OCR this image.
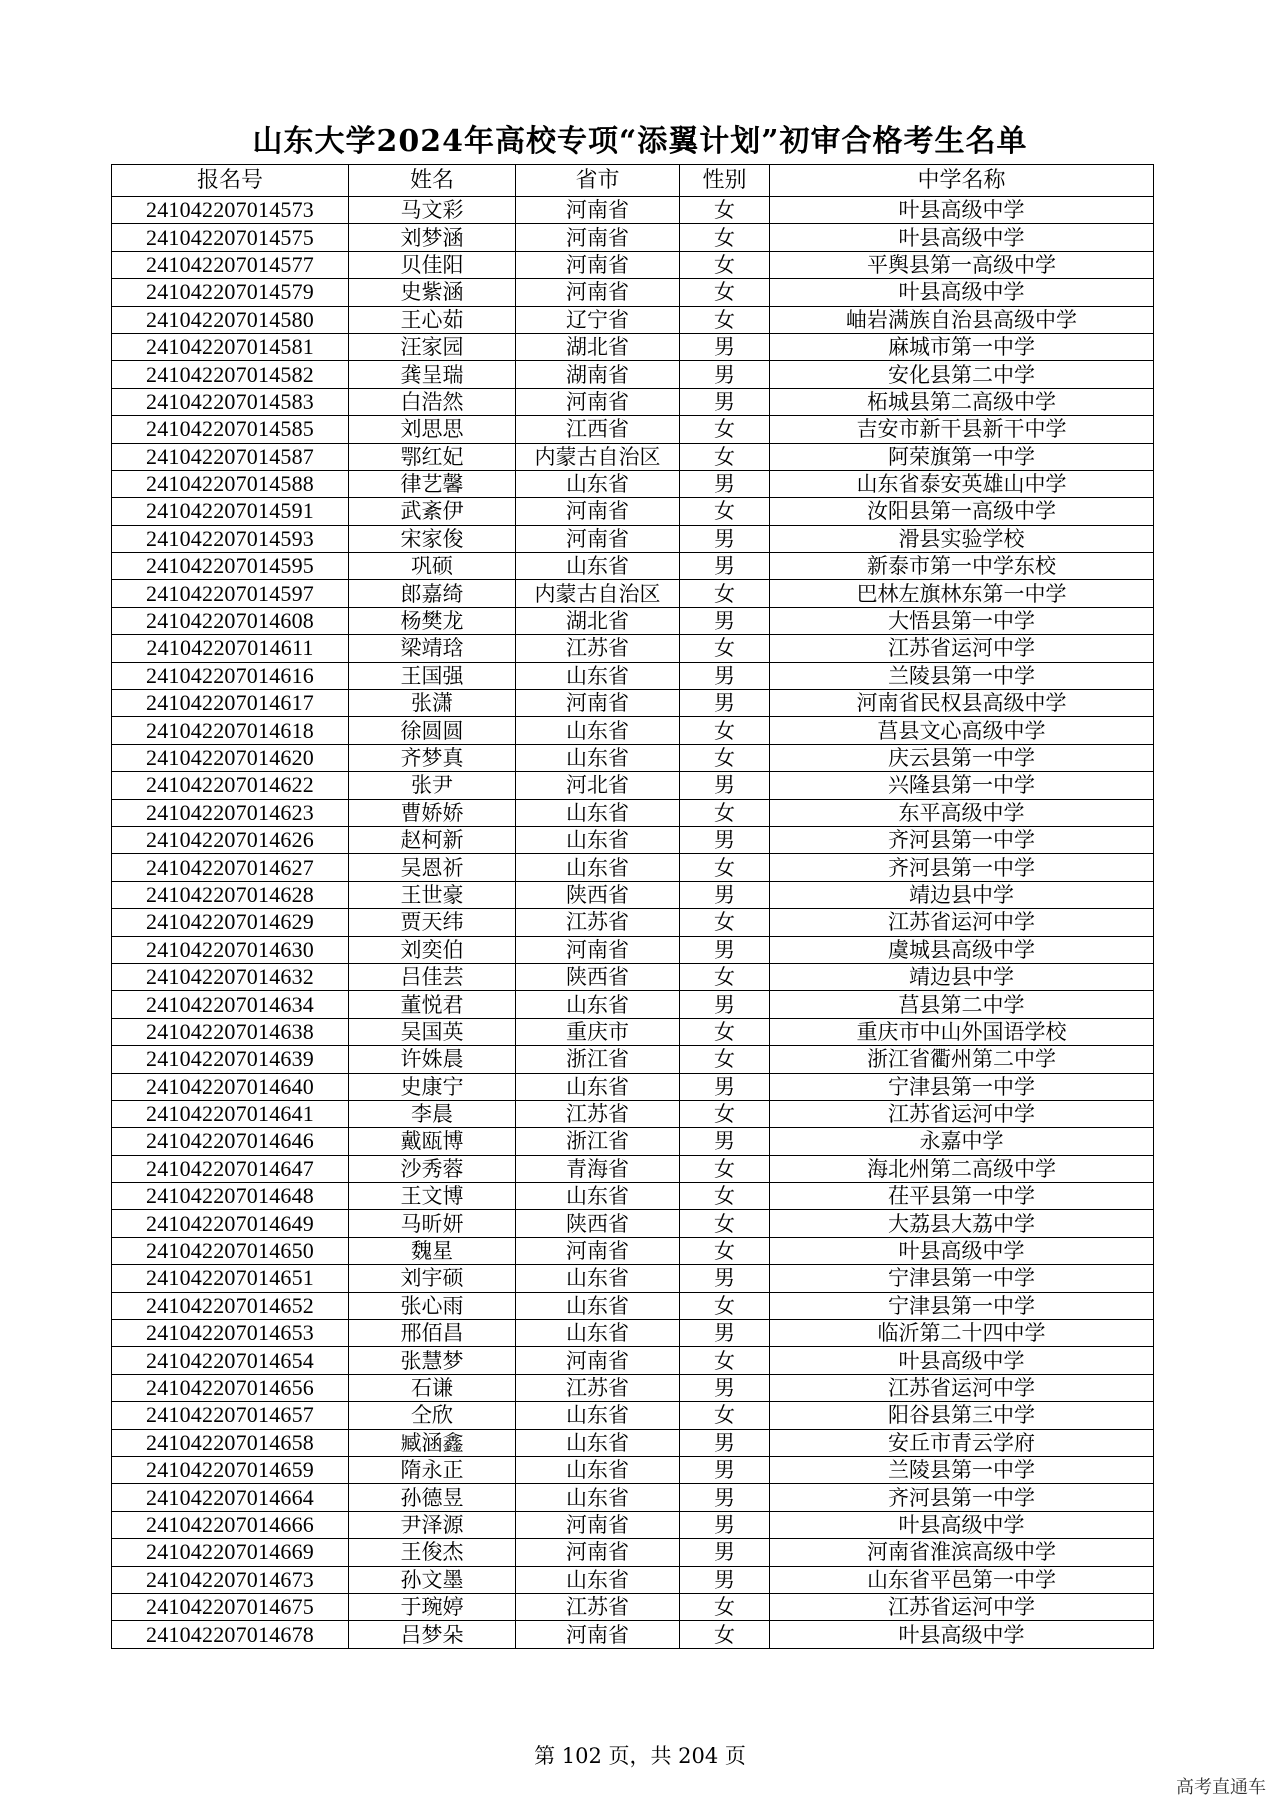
山东大学2024年高校专项“添翼计划”初审合格考生名单
报名号	姓名	省市	性别	中学名称
241042207014573	马文彩	河南省	女	叶县高级中学
241042207014575	刘梦涵	河南省	女	叶县高级中学
241042207014577	贝佳阳	河南省	女	平舆县第一高级中学
241042207014579	史紫涵	河南省	女	叶县高级中学
241042207014580	王心茹	辽宁省	女	岫岩满族自治县高级中学
241042207014581	汪家园	湖北省	男	麻城市第一中学
241042207014582	龚呈瑞	湖南省	男	安化县第二中学
241042207014583	白浩然	河南省	男	柘城县第二高级中学
241042207014585	刘思思	江西省	女	吉安市新干县新干中学
241042207014587	鄂红妃	内蒙古自治区	女	阿荣旗第一中学
241042207014588	律艺馨	山东省	男	山东省泰安英雄山中学
241042207014591	武紊伊	河南省	女	汝阳县第一高级中学
241042207014593	宋家俊	河南省	男	滑县实验学校
241042207014595	巩硕	山东省	男	新泰市第一中学东校
241042207014597	郎嘉绮	内蒙古自治区	女	巴林左旗林东第一中学
241042207014608	杨樊龙	湖北省	男	大悟县第一中学
241042207014611	梁靖琀	江苏省	女	江苏省运河中学
241042207014616	王国强	山东省	男	兰陵县第一中学
241042207014617	张潇	河南省	男	河南省民权县高级中学
241042207014618	徐圆圆	山东省	女	莒县文心高级中学
241042207014620	齐梦真	山东省	女	庆云县第一中学
241042207014622	张尹	河北省	男	兴隆县第一中学
241042207014623	曹娇娇	山东省	女	东平高级中学
241042207014626	赵柯新	山东省	男	齐河县第一中学
241042207014627	吴恩祈	山东省	女	齐河县第一中学
241042207014628	王世豪	陕西省	男	靖边县中学
241042207014629	贾天纬	江苏省	女	江苏省运河中学
241042207014630	刘奕伯	河南省	男	虞城县高级中学
241042207014632	吕佳芸	陕西省	女	靖边县中学
241042207014634	董悦君	山东省	男	莒县第二中学
241042207014638	吴国英	重庆市	女	重庆市中山外国语学校
241042207014639	许姝晨	浙江省	女	浙江省衢州第二中学
241042207014640	史康宁	山东省	男	宁津县第一中学
241042207014641	李晨	江苏省	女	江苏省运河中学
241042207014646	戴瓯博	浙江省	男	永嘉中学
241042207014647	沙秀蓉	青海省	女	海北州第二高级中学
241042207014648	王文博	山东省	女	茌平县第一中学
241042207014649	马昕妍	陕西省	女	大荔县大荔中学
241042207014650	魏星	河南省	女	叶县高级中学
241042207014651	刘宇硕	山东省	男	宁津县第一中学
241042207014652	张心雨	山东省	女	宁津县第一中学
241042207014653	邢佰昌	山东省	男	临沂第二十四中学
241042207014654	张慧梦	河南省	女	叶县高级中学
241042207014656	石谦	江苏省	男	江苏省运河中学
241042207014657	仝欣	山东省	女	阳谷县第三中学
241042207014658	臧涵鑫	山东省	男	安丘市青云学府
241042207014659	隋永正	山东省	男	兰陵县第一中学
241042207014664	孙德昱	山东省	男	齐河县第一中学
241042207014666	尹泽源	河南省	男	叶县高级中学
241042207014669	王俊杰	河南省	男	河南省淮滨高级中学
241042207014673	孙文墨	山东省	男	山东省平邑第一中学
241042207014675	于琬婷	江苏省	女	江苏省运河中学
241042207014678	吕梦朵	河南省	女	叶县高级中学
第 102 页，共 204 页
高考直通车
